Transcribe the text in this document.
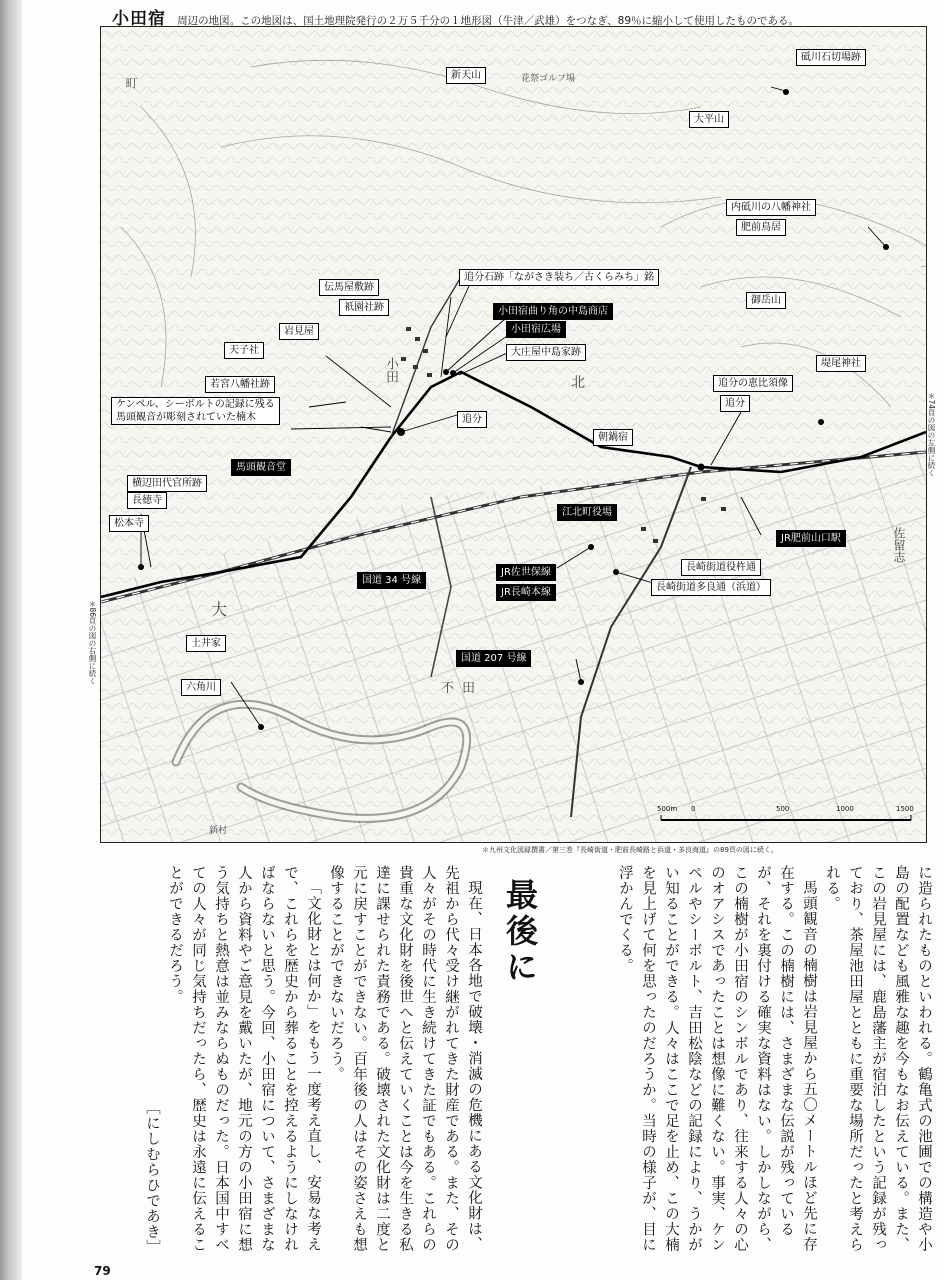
小田宿 周辺の地図。この地図は、国土地理院発行の２万５千分の１地形図（牛津／武雄）をつなぎ、89％に縮小して使用したものである。
新天山
砥川石切場跡
大平山
内砥川の八幡神社
肥前鳥居
御岳山
堤尾神社
追分石跡「ながさき装ち／古くらみち」銘
伝馬屋敷跡
祇園社跡	小田宿曲り角の中島商店
小田宿広場
大庄屋中島家跡
岩見屋
天子社
若宮八幡社跡
ケンペル、シーボルトの記録に残る
馬頭観音が彫刻されていた楠木	追分
追分の恵比須像
追分
朝鍋宿
馬頭観音堂
横辺田代官所跡
長徳寺
松本寺
江北町役場
JR肥前山口駅
国道 34 号線
JR佐世保線
JR長崎本線
長崎街道役杵通
長崎街道多良通（浜道）
土井家
国道 207 号線
六角川
花祭ゴルフ場
町
小田	北
大
不田
佐留志
新村
500m 0	500	1000	1500
＊74頁の図の左側に続く
＊86頁の図の右側に続く
＊九州文化図録撰書／第三巻『長崎街道・肥前長崎路と浜道・多良海道』の89頁の図に続く。

に造られたものといわれる。鶴亀式の池圃での構造や小島の配置なども風雅な趣を今もなお伝えている。また、この岩見屋には、鹿島藩主が宿泊したという記録が残っており、茶屋池田屋とともに重要な場所だったと考えられる。

馬頭観音の楠樹は岩見屋から五〇メートルほど先に存在する。この楠樹には、さまざまな伝説が残っているが、それを裏付ける確実な資料はない。しかしながら、この楠樹が小田宿のシンボルであり、往来する人々の心のオアシスであったことは想像に難くない。事実、ケンペルやシーボルト、吉田松陰などの記録により、うかがい知ることができる。人々はここで足を止め、この大楠を見上げて何を思ったのだろうか。当時の様子が、目に浮かんでくる。

最後に

現在、日本各地で破壊・消滅の危機にある文化財は、先祖から代々受け継がれてきた財産である。また、その人々がその時代に生き続けてきた証でもある。これらの貴重な文化財を後世へと伝えていくことは今を生きる私達に課せられた責務である。破壊された文化財は二度と元に戻すことができない。百年後の人はその姿さえも想像することができないだろう。

「文化財とは何か」をもう一度考え直し、安易な考えで、これらを歴史から葬ることを控えるようにしなければならないと思う。今回、小田宿について、さまざまな人から資料やご意見を戴いたが、地元の方の小田宿に想う気持ちと熱意は並みならぬものだった。日本国中すべての人々が同じ気持ちだったら、歴史は永遠に伝えることができるだろう。

［にしむらひであき］
79
